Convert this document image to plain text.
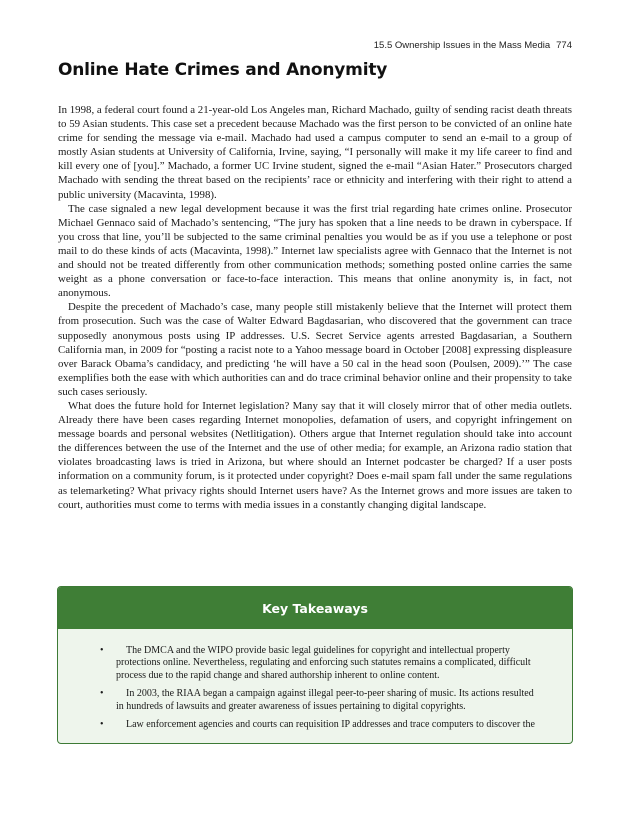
15.5 Ownership Issues in the Mass Media 774
Online Hate Crimes and Anonymity

In 1998, a federal court found a 21-year-old Los Angeles man, Richard Machado, guilty of sending racist death threats to 59 Asian students. This case set a precedent because Machado was the first person to be convicted of an online hate crime for sending the message via e-mail. Machado had used a campus computer to send an e-mail to a group of mostly Asian students at University of California, Irvine, saying, “I personally will make it my life career to find and kill every one of [you].” Machado, a former UC Irvine student, signed the e-mail “Asian Hater.” Prosecutors charged Machado with sending the threat based on the recipients’ race or ethnicity and interfering with their right to attend a public university (Macavinta, 1998).

The case signaled a new legal development because it was the first trial regarding hate crimes online. Prosecutor Michael Gennaco said of Machado’s sentencing, “The jury has spoken that a line needs to be drawn in cyberspace. If you cross that line, you’ll be subjected to the same criminal penalties you would be as if you use a telephone or post mail to do these kinds of acts (Macavinta, 1998).” Internet law specialists agree with Gennaco that the Internet is not and should not be treated differently from other communication methods; something posted online carries the same weight as a phone conversation or face-to-face interaction. This means that online anonymity is, in fact, not anonymous.

Despite the precedent of Machado’s case, many people still mistakenly believe that the Internet will protect them from prosecution. Such was the case of Walter Edward Bagdasarian, who discovered that the government can trace supposedly anonymous posts using IP addresses. U.S. Secret Service agents arrested Bagdasarian, a Southern California man, in 2009 for “posting a racist note to a Yahoo message board in October [2008] expressing displeasure over Barack Obama’s candidacy, and predicting ‘he will have a 50 cal in the head soon (Poulsen, 2009).’” The case exemplifies both the ease with which authorities can and do trace criminal behavior online and their propensity to take such cases seriously.

What does the future hold for Internet legislation? Many say that it will closely mirror that of other media outlets. Already there have been cases regarding Internet monopolies, defamation of users, and copyright infringement on message boards and personal websites (Netlitigation). Others argue that Internet regulation should take into account the differences between the use of the Internet and the use of other media; for example, an Arizona radio station that violates broadcasting laws is tried in Arizona, but where should an Internet podcaster be charged? If a user posts information on a community forum, is it protected under copyright? Does e-mail spam fall under the same regulations as telemarketing? What privacy rights should Internet users have? As the Internet grows and more issues are taken to court, authorities must come to terms with media issues in a constantly changing digital landscape.

Key Takeaways
• The DMCA and the WIPO provide basic legal guidelines for copyright and intellectual property protections online. Nevertheless, regulating and enforcing such statutes remains a complicated, difficult process due to the rapid change and shared authorship inherent to online content.
• In 2003, the RIAA began a campaign against illegal peer-to-peer sharing of music. Its actions resulted in hundreds of lawsuits and greater awareness of issues pertaining to digital copyrights.
• Law enforcement agencies and courts can requisition IP addresses and trace computers to discover the
